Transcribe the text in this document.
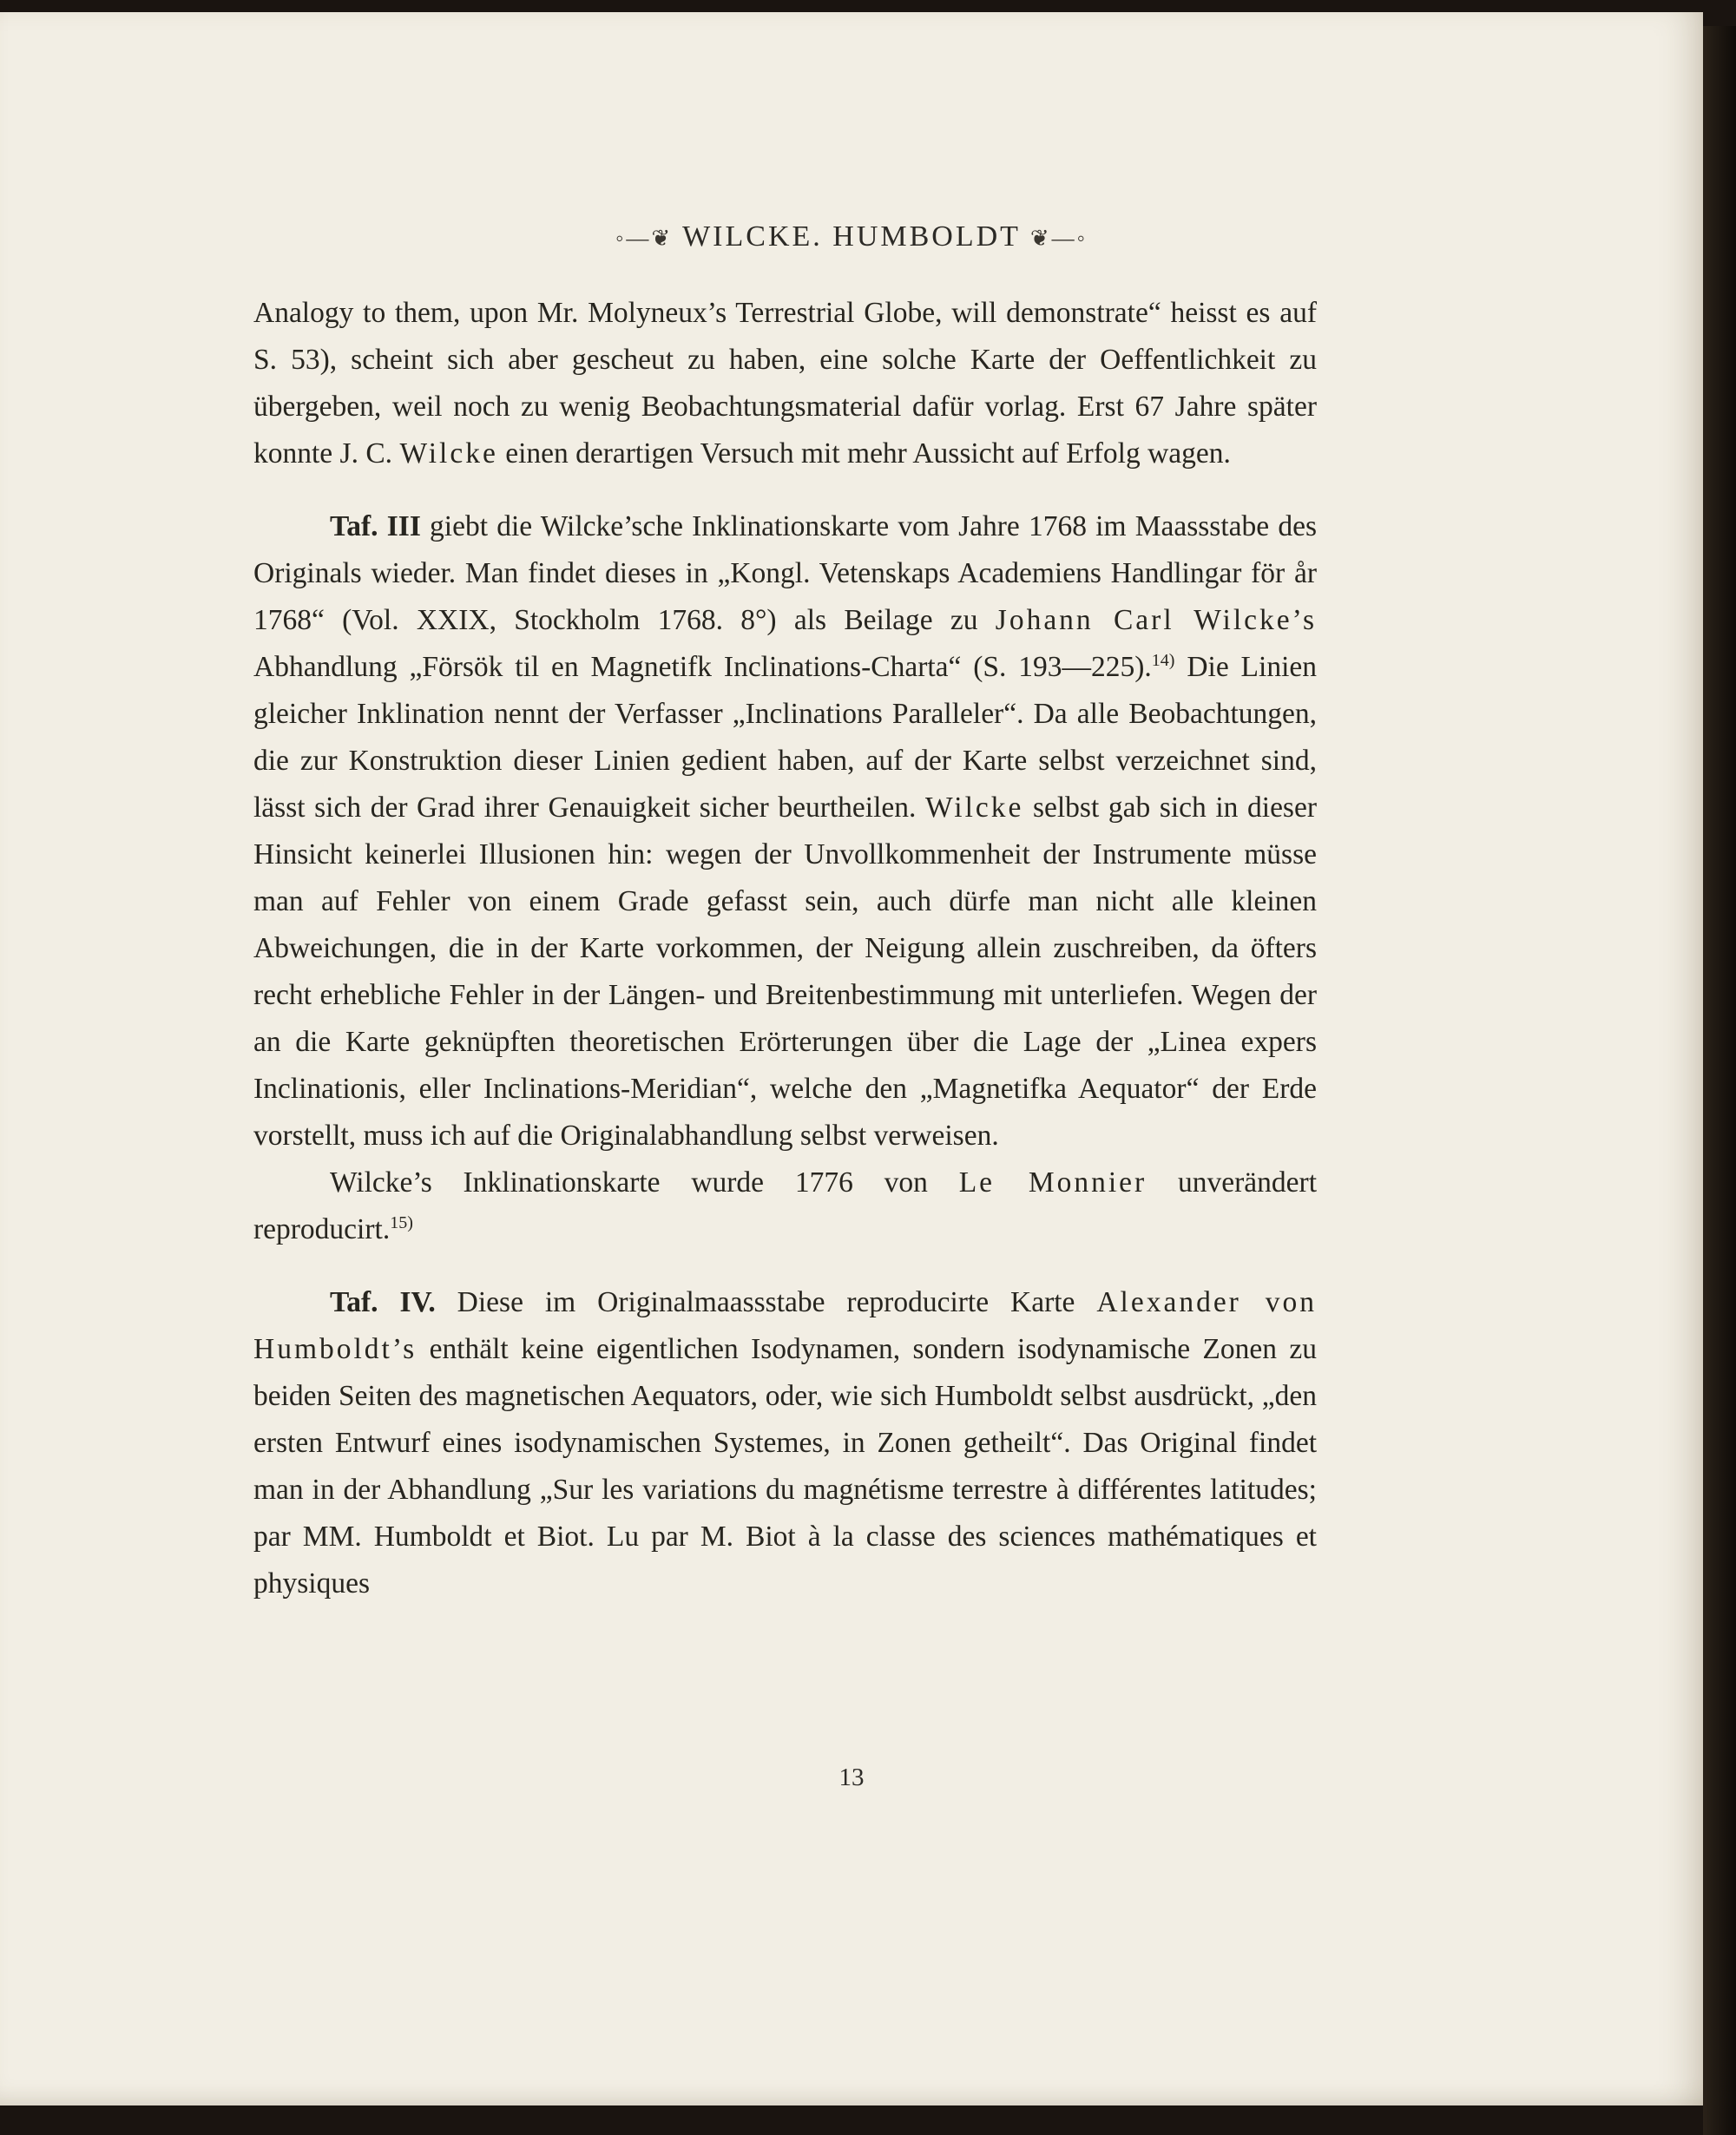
◦—❦ WILCKE. HUMBOLDT ❦—◦

Analogy to them, upon Mr. Molyneux’s Terrestrial Globe, will demonstrate“ heisst es auf S. 53), scheint sich aber gescheut zu haben, eine solche Karte der Oeffentlichkeit zu übergeben, weil noch zu wenig Beobachtungsmaterial dafür vorlag. Erst 67 Jahre später konnte J. C. Wilcke einen derartigen Versuch mit mehr Aussicht auf Erfolg wagen.

Taf. III giebt die Wilcke’sche Inklinationskarte vom Jahre 1768 im Maassstabe des Originals wieder. Man findet dieses in „Kongl. Vetenskaps Academiens Handlingar för år 1768“ (Vol. XXIX, Stockholm 1768. 8°) als Beilage zu Johann Carl Wilcke’s Abhandlung „Försök til en Magnetifk Inclinations-Charta“ (S. 193—225).$^{14)}$ Die Linien gleicher Inklination nennt der Verfasser „Inclinations Paralleler“. Da alle Beobachtungen, die zur Konstruktion dieser Linien gedient haben, auf der Karte selbst verzeichnet sind, lässt sich der Grad ihrer Genauigkeit sicher beurtheilen. Wilcke selbst gab sich in dieser Hinsicht keinerlei Illusionen hin: wegen der Unvollkommenheit der Instrumente müsse man auf Fehler von einem Grade gefasst sein, auch dürfe man nicht alle kleinen Abweichungen, die in der Karte vorkommen, der Neigung allein zuschreiben, da öfters recht erhebliche Fehler in der Längen- und Breitenbestimmung mit unterliefen. Wegen der an die Karte geknüpften theoretischen Erörterungen über die Lage der „Linea expers Inclinationis, eller Inclinations-Meridian“, welche den „Magnetifka Aequator“ der Erde vorstellt, muss ich auf die Originalabhandlung selbst verweisen.

Wilcke’s Inklinationskarte wurde 1776 von Le Monnier unverändert reproducirt.$^{15)}$

Taf. IV. Diese im Originalmaassstabe reproducirte Karte Alexander von Humboldt’s enthält keine eigentlichen Isodynamen, sondern isodynamische Zonen zu beiden Seiten des magnetischen Aequators, oder, wie sich Humboldt selbst ausdrückt, „den ersten Entwurf eines isodynamischen Systemes, in Zonen getheilt“. Das Original findet man in der Abhandlung „Sur les variations du magnétisme terrestre à différentes latitudes; par MM. Humboldt et Biot. Lu par M. Biot à la classe des sciences mathématiques et physiques

13
